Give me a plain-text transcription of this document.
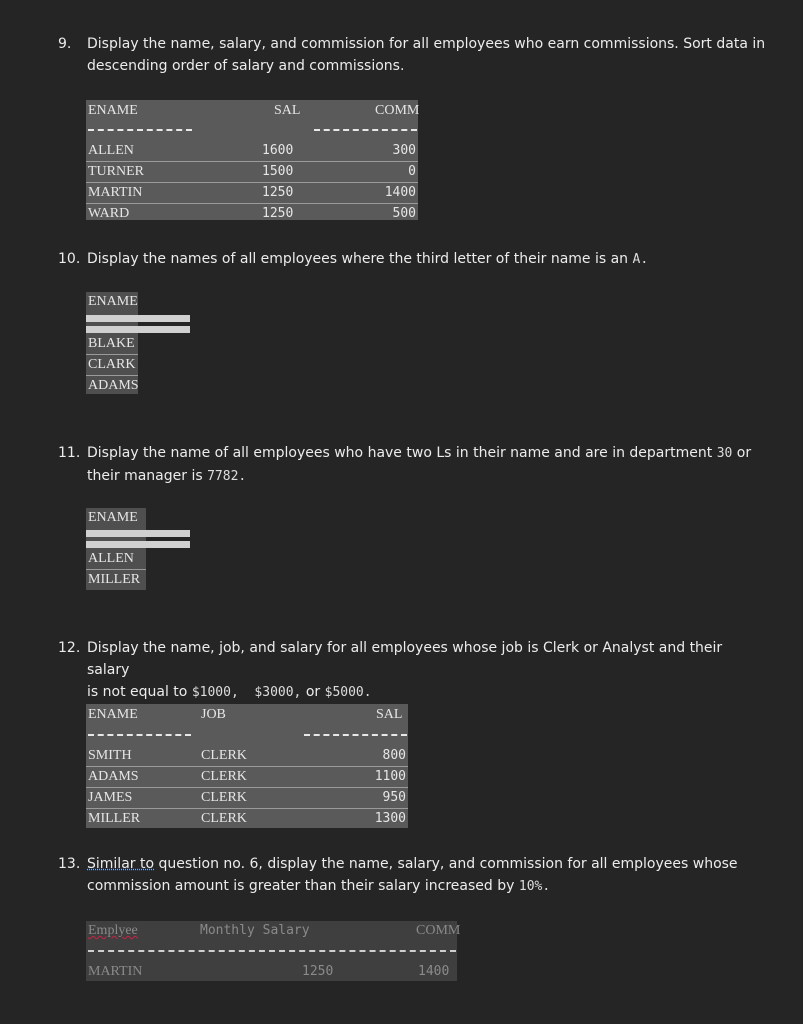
9. Display the name, salary, and commission for all employees who earn commissions. Sort data in
descending order of salary and commissions.
ENAME	SAL	COMM
ALLEN	1600	300
TURNER	1500	0
MARTIN	1250	1400
WARD	1250	500
10. Display the names of all employees where the third letter of their name is an A.
ENAME
BLAKE
CLARK
ADAMS
11. Display the name of all employees who have two Ls in their name and are in department 30 or
their manager is 7782.
ENAME
ALLEN
MILLER
12. Display the name, job, and salary for all employees whose job is Clerk or Analyst and their salary
is not equal to $1000,  $3000, or $5000.
ENAME	JOB	SAL
SMITH	CLERK	800
ADAMS	CLERK	1100
JAMES	CLERK	950
MILLER	CLERK	1300
13. Similar to question no. 6, display the name, salary, and commission for all employees whose
commission amount is greater than their salary increased by 10%.
Emplyee	Monthly Salary	COMM
MARTIN	1250	1400
